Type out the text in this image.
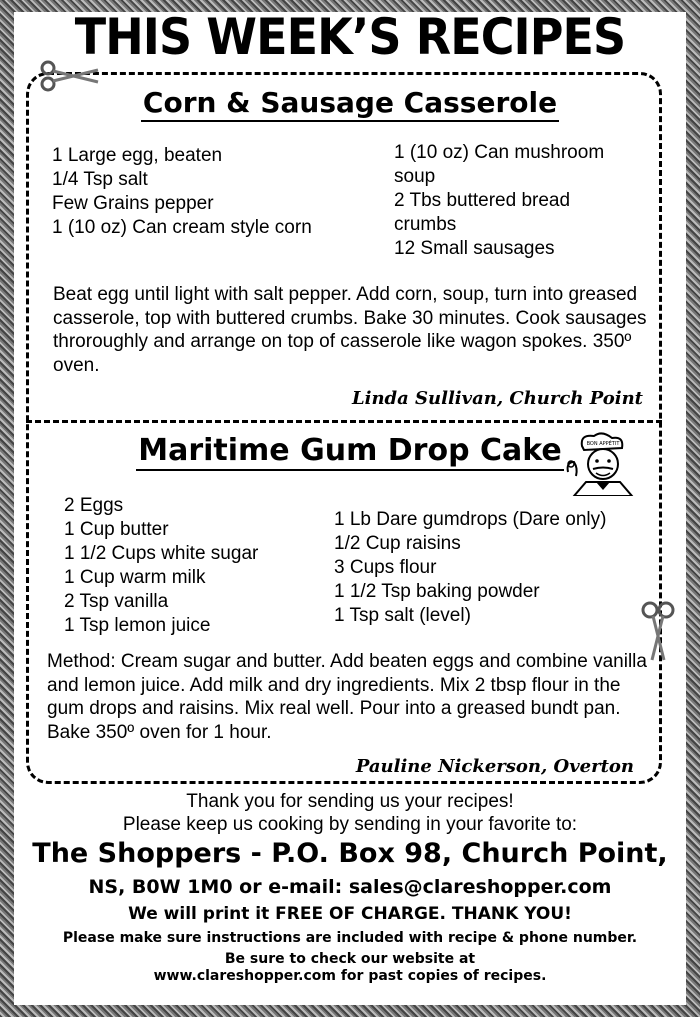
THIS WEEK’S RECIPES
Corn & Sausage Casserole
1 Large egg, beaten
1/4 Tsp salt
Few Grains pepper
1 (10 oz) Can cream style corn
1 (10 oz) Can mushroom
soup
2 Tbs buttered bread
crumbs
12 Small sausages
Beat egg until light with salt pepper. Add corn, soup, turn into greased casserole, top with buttered crumbs. Bake 30 minutes. Cook sausages throroughly and arrange on top of casserole like wagon spokes. 350º oven.
Linda Sullivan, Church Point
Maritime Gum Drop Cake	BON APPÉTIT
2 Eggs
1 Cup butter
1 1/2 Cups white sugar
1 Cup warm milk
2 Tsp vanilla
1 Tsp lemon juice
1 Lb Dare gumdrops (Dare only)
1/2 Cup raisins
3 Cups flour
1 1/2 Tsp baking powder
1 Tsp salt (level)
Method: Cream sugar and butter. Add beaten eggs and combine vanilla and lemon juice. Add milk and dry ingredients. Mix 2 tbsp flour in the gum drops and raisins. Mix real well. Pour into a greased bundt pan. Bake 350º oven for 1 hour.
Pauline Nickerson, Overton
Thank you for sending us your recipes!
Please keep us cooking by sending in your favorite to:
The Shoppers - P.O. Box 98, Church Point,
NS, B0W 1M0 or e-mail: sales@clareshopper.com
We will print it FREE OF CHARGE. THANK YOU!
Please make sure instructions are included with recipe & phone number.
Be sure to check our website at
www.clareshopper.com for past copies of recipes.
